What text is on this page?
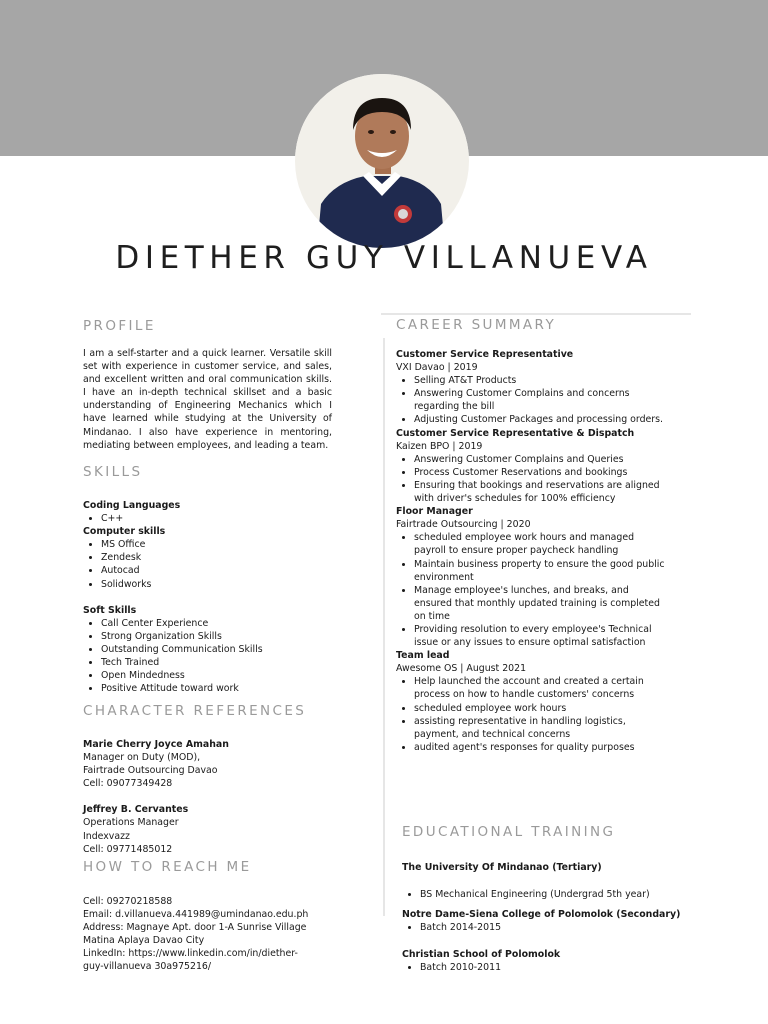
DIETHER GUY VILLANUEVA
PROFILE
I am a self-starter and a quick learner. Versatile skill set with experience in customer service, and sales, and excellent written and oral communication skills. I have an in-depth technical skillset and a basic understanding of Engineering Mechanics which I have learned while studying at the University of Mindanao. I also have experience in mentoring, mediating between employees, and leading a team.
SKILLS
Coding Languages
• C++
Computer skills
• MS Office
• Zendesk
• Autocad
• Solidworks
Soft Skills
• Call Center Experience
• Strong Organization Skills
• Outstanding Communication Skills
• Tech Trained
• Open Mindedness
• Positive Attitude toward work
CHARACTER REFERENCES
Marie Cherry Joyce Amahan
Manager on Duty (MOD),
Fairtrade Outsourcing Davao
Cell: 09077349428
Jeffrey B. Cervantes
Operations Manager
Indexvazz
Cell: 09771485012
HOW TO REACH ME
Cell: 09270218588
Email: d.villanueva.441989@umindanao.edu.ph
Address: Magnaye Apt. door 1-A Sunrise Village
Matina Aplaya Davao City
LinkedIn: https://www.linkedin.com/in/diether-
guy-villanueva 30a975216/
CAREER SUMMARY
Customer Service Representative
VXI Davao | 2019
• Selling AT&T Products
• Answering Customer Complains and concerns regarding the bill
• Adjusting Customer Packages and processing orders.
Customer Service Representative & Dispatch
Kaizen BPO | 2019
• Answering Customer Complains and Queries
• Process Customer Reservations and bookings
• Ensuring that bookings and reservations are aligned with driver's schedules for 100% efficiency
Floor Manager
Fairtrade Outsourcing | 2020
• scheduled employee work hours and managed payroll to ensure proper paycheck handling
• Maintain business property to ensure the good public environment
• Manage employee's lunches, and breaks, and ensured that monthly updated training is completed on time
• Providing resolution to every employee's Technical issue or any issues to ensure optimal satisfaction
Team lead
Awesome OS | August 2021
• Help launched the account and created a certain process on how to handle customers' concerns
• scheduled employee work hours
• assisting representative in handling logistics, payment, and technical concerns
• audited agent's responses for quality purposes
EDUCATIONAL TRAINING
The University Of Mindanao (Tertiary)
• BS Mechanical Engineering (Undergrad 5th year)
Notre Dame-Siena College of Polomolok (Secondary)
• Batch 2014-2015
Christian School of Polomolok
• Batch 2010-2011
